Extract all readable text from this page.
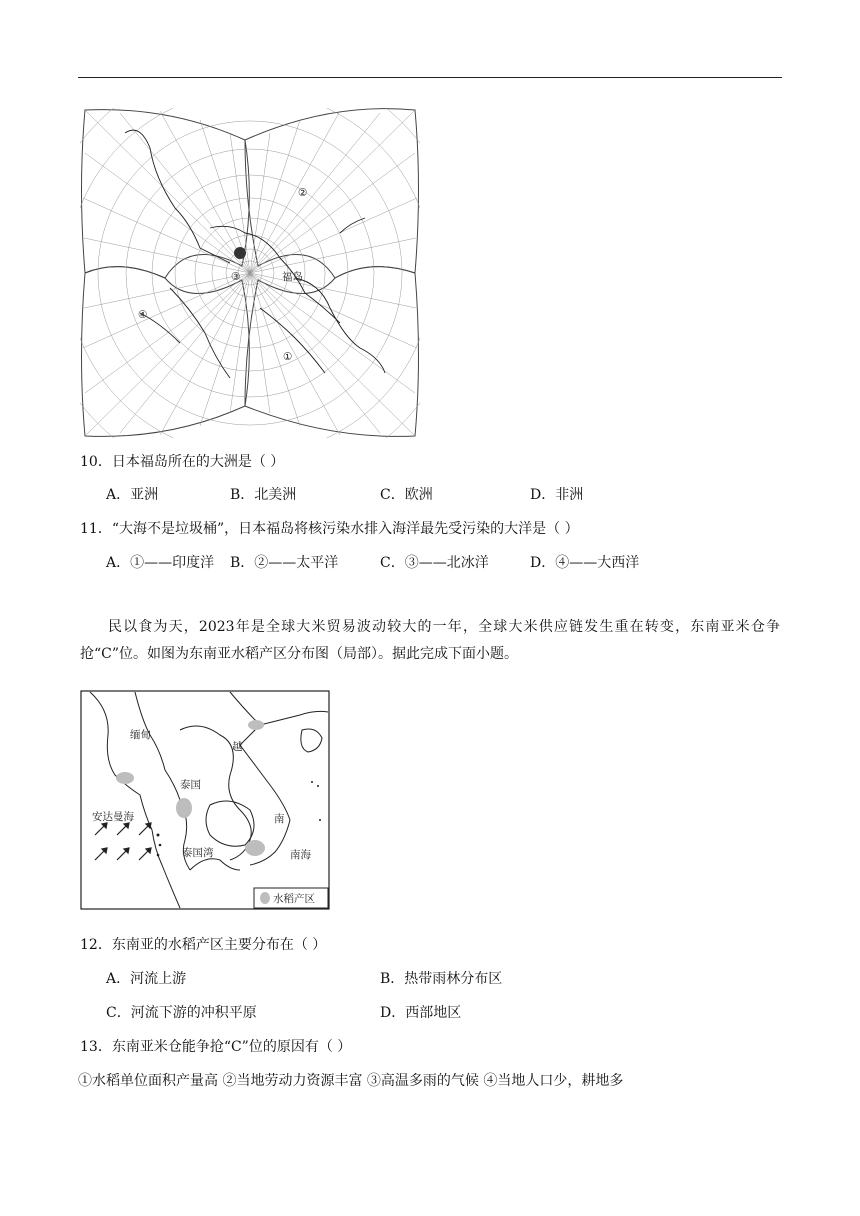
②
③	福岛
④
①
10．日本福岛所在的大洲是（ ）
A．亚洲	B．北美洲	C．欧洲	D．非洲
11．“大海不是垃圾桶”，日本福岛将核污染水排入海洋最先受污染的大洋是（ ）
A．①——印度洋 B．②——太平洋	C．③——北冰洋	D．④——大西洋
民以食为天，2023年是全球大米贸易波动较大的一年，全球大米供应链发生重在转变，东南亚米仓争抢“C”位。如图为东南亚水稻产区分布图（局部）。据此完成下面小题。
缅甸
泰国
越
安达曼海
泰国湾
南
南海
水稻产区
12．东南亚的水稻产区主要分布在（ ）
A．河流上游	B．热带雨林分布区
C．河流下游的冲积平原	D．西部地区
13．东南亚米仓能争抢“C”位的原因有（ ）
①水稻单位面积产量高 ②当地劳动力资源丰富 ③高温多雨的气候 ④当地人口少，耕地多
